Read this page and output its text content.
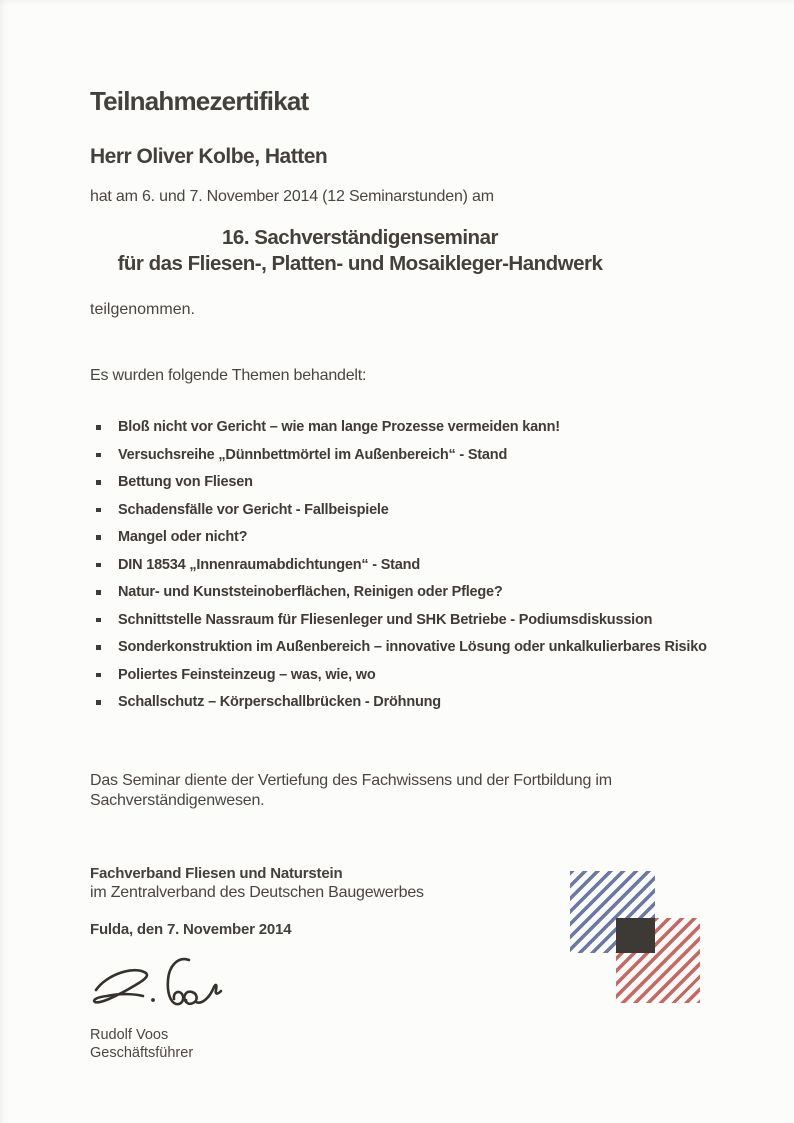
Teilnahmezertifikat
Herr Oliver Kolbe, Hatten

hat am 6. und 7. November 2014 (12 Seminarstunden) am

16. Sachverständigenseminar
für das Fliesen-, Platten- und Mosaikleger-Handwerk

teilgenommen.

Es wurden folgende Themen behandelt:

Bloß nicht vor Gericht – wie man lange Prozesse vermeiden kann!
Versuchsreihe „Dünnbettmörtel im Außenbereich“ - Stand
Bettung von Fliesen
Schadensfälle vor Gericht - Fallbeispiele
Mangel oder nicht?
DIN 18534 „Innenraumabdichtungen“ - Stand
Natur- und Kunststeinoberflächen, Reinigen oder Pflege?
Schnittstelle Nassraum für Fliesenleger und SHK Betriebe - Podiumsdiskussion
Sonderkonstruktion im Außenbereich – innovative Lösung oder unkalkulierbares Risiko
Poliertes Feinsteinzeug – was, wie, wo
Schallschutz – Körperschallbrücken - Dröhnung
Das Seminar diente der Vertiefung des Fachwissens und der Fortbildung im
Sachverständigenwesen.

Fachverband Fliesen und Naturstein

im Zentralverband des Deutschen Baugewerbes

Fulda, den 7. November 2014

Rudolf Voos

Geschäftsführer
